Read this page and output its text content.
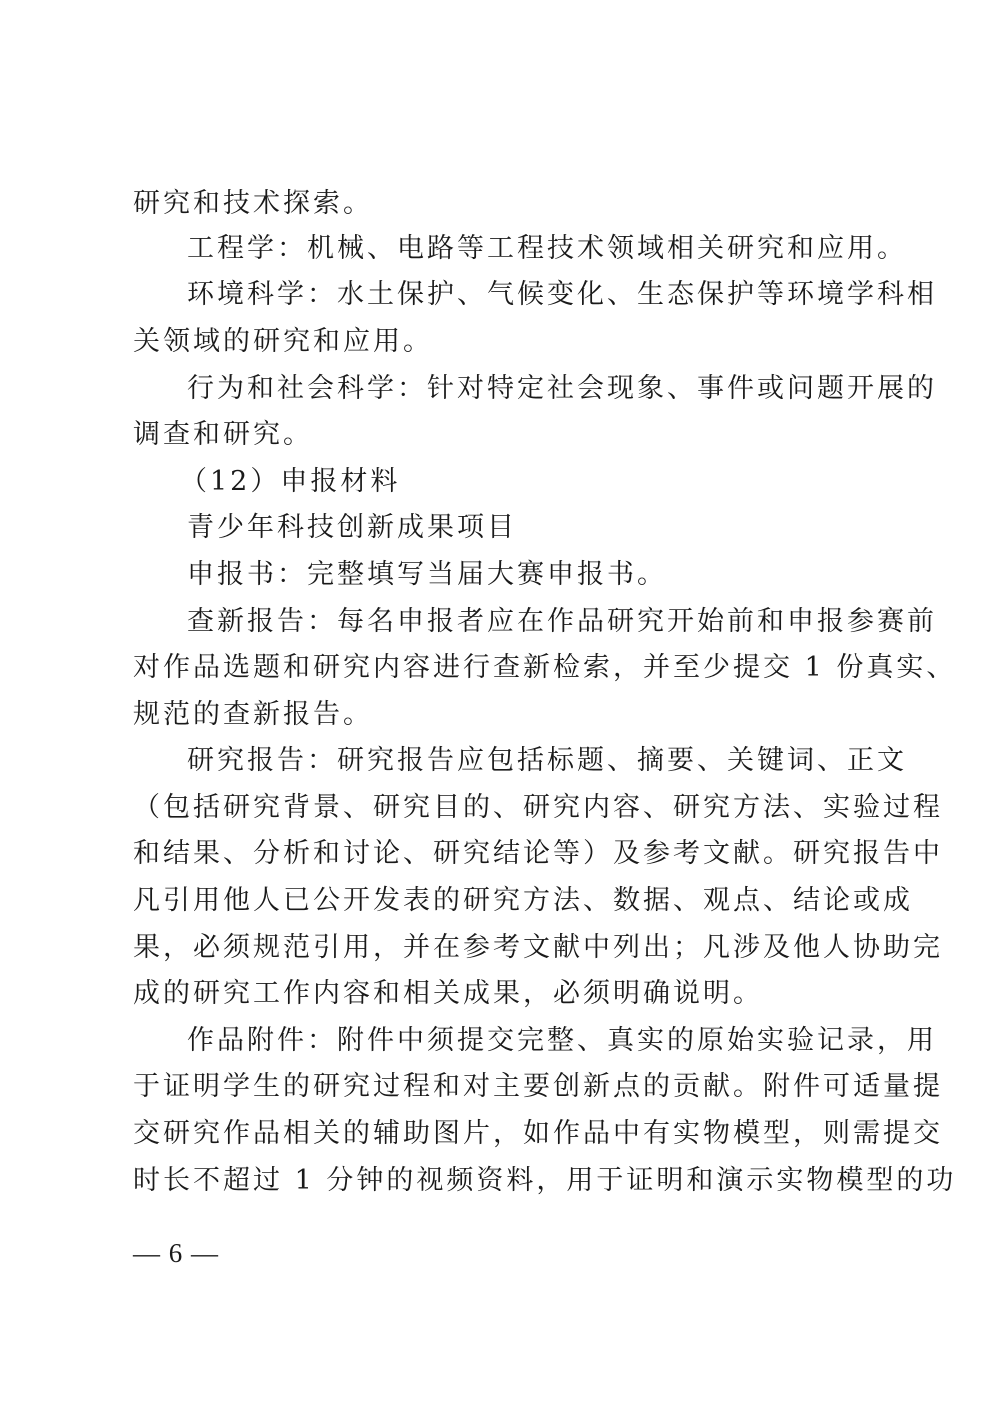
研究和技术探索。
工程学：机械、电路等工程技术领域相关研究和应用。
环境科学：水土保护、气候变化、生态保护等环境学科相
关领域的研究和应用。
行为和社会科学：针对特定社会现象、事件或问题开展的
调查和研究。
（12）申报材料
青少年科技创新成果项目
申报书：完整填写当届大赛申报书。
查新报告：每名申报者应在作品研究开始前和申报参赛前
对作品选题和研究内容进行查新检索，并至少提交 1 份真实、
规范的查新报告。
研究报告：研究报告应包括标题、摘要、关键词、正文
（包括研究背景、研究目的、研究内容、研究方法、实验过程
和结果、分析和讨论、研究结论等）及参考文献。研究报告中
凡引用他人已公开发表的研究方法、数据、观点、结论或成
果，必须规范引用，并在参考文献中列出；凡涉及他人协助完
成的研究工作内容和相关成果，必须明确说明。
作品附件：附件中须提交完整、真实的原始实验记录，用
于证明学生的研究过程和对主要创新点的贡献。附件可适量提
交研究作品相关的辅助图片，如作品中有实物模型，则需提交
时长不超过 1 分钟的视频资料，用于证明和演示实物模型的功
— 6 —
